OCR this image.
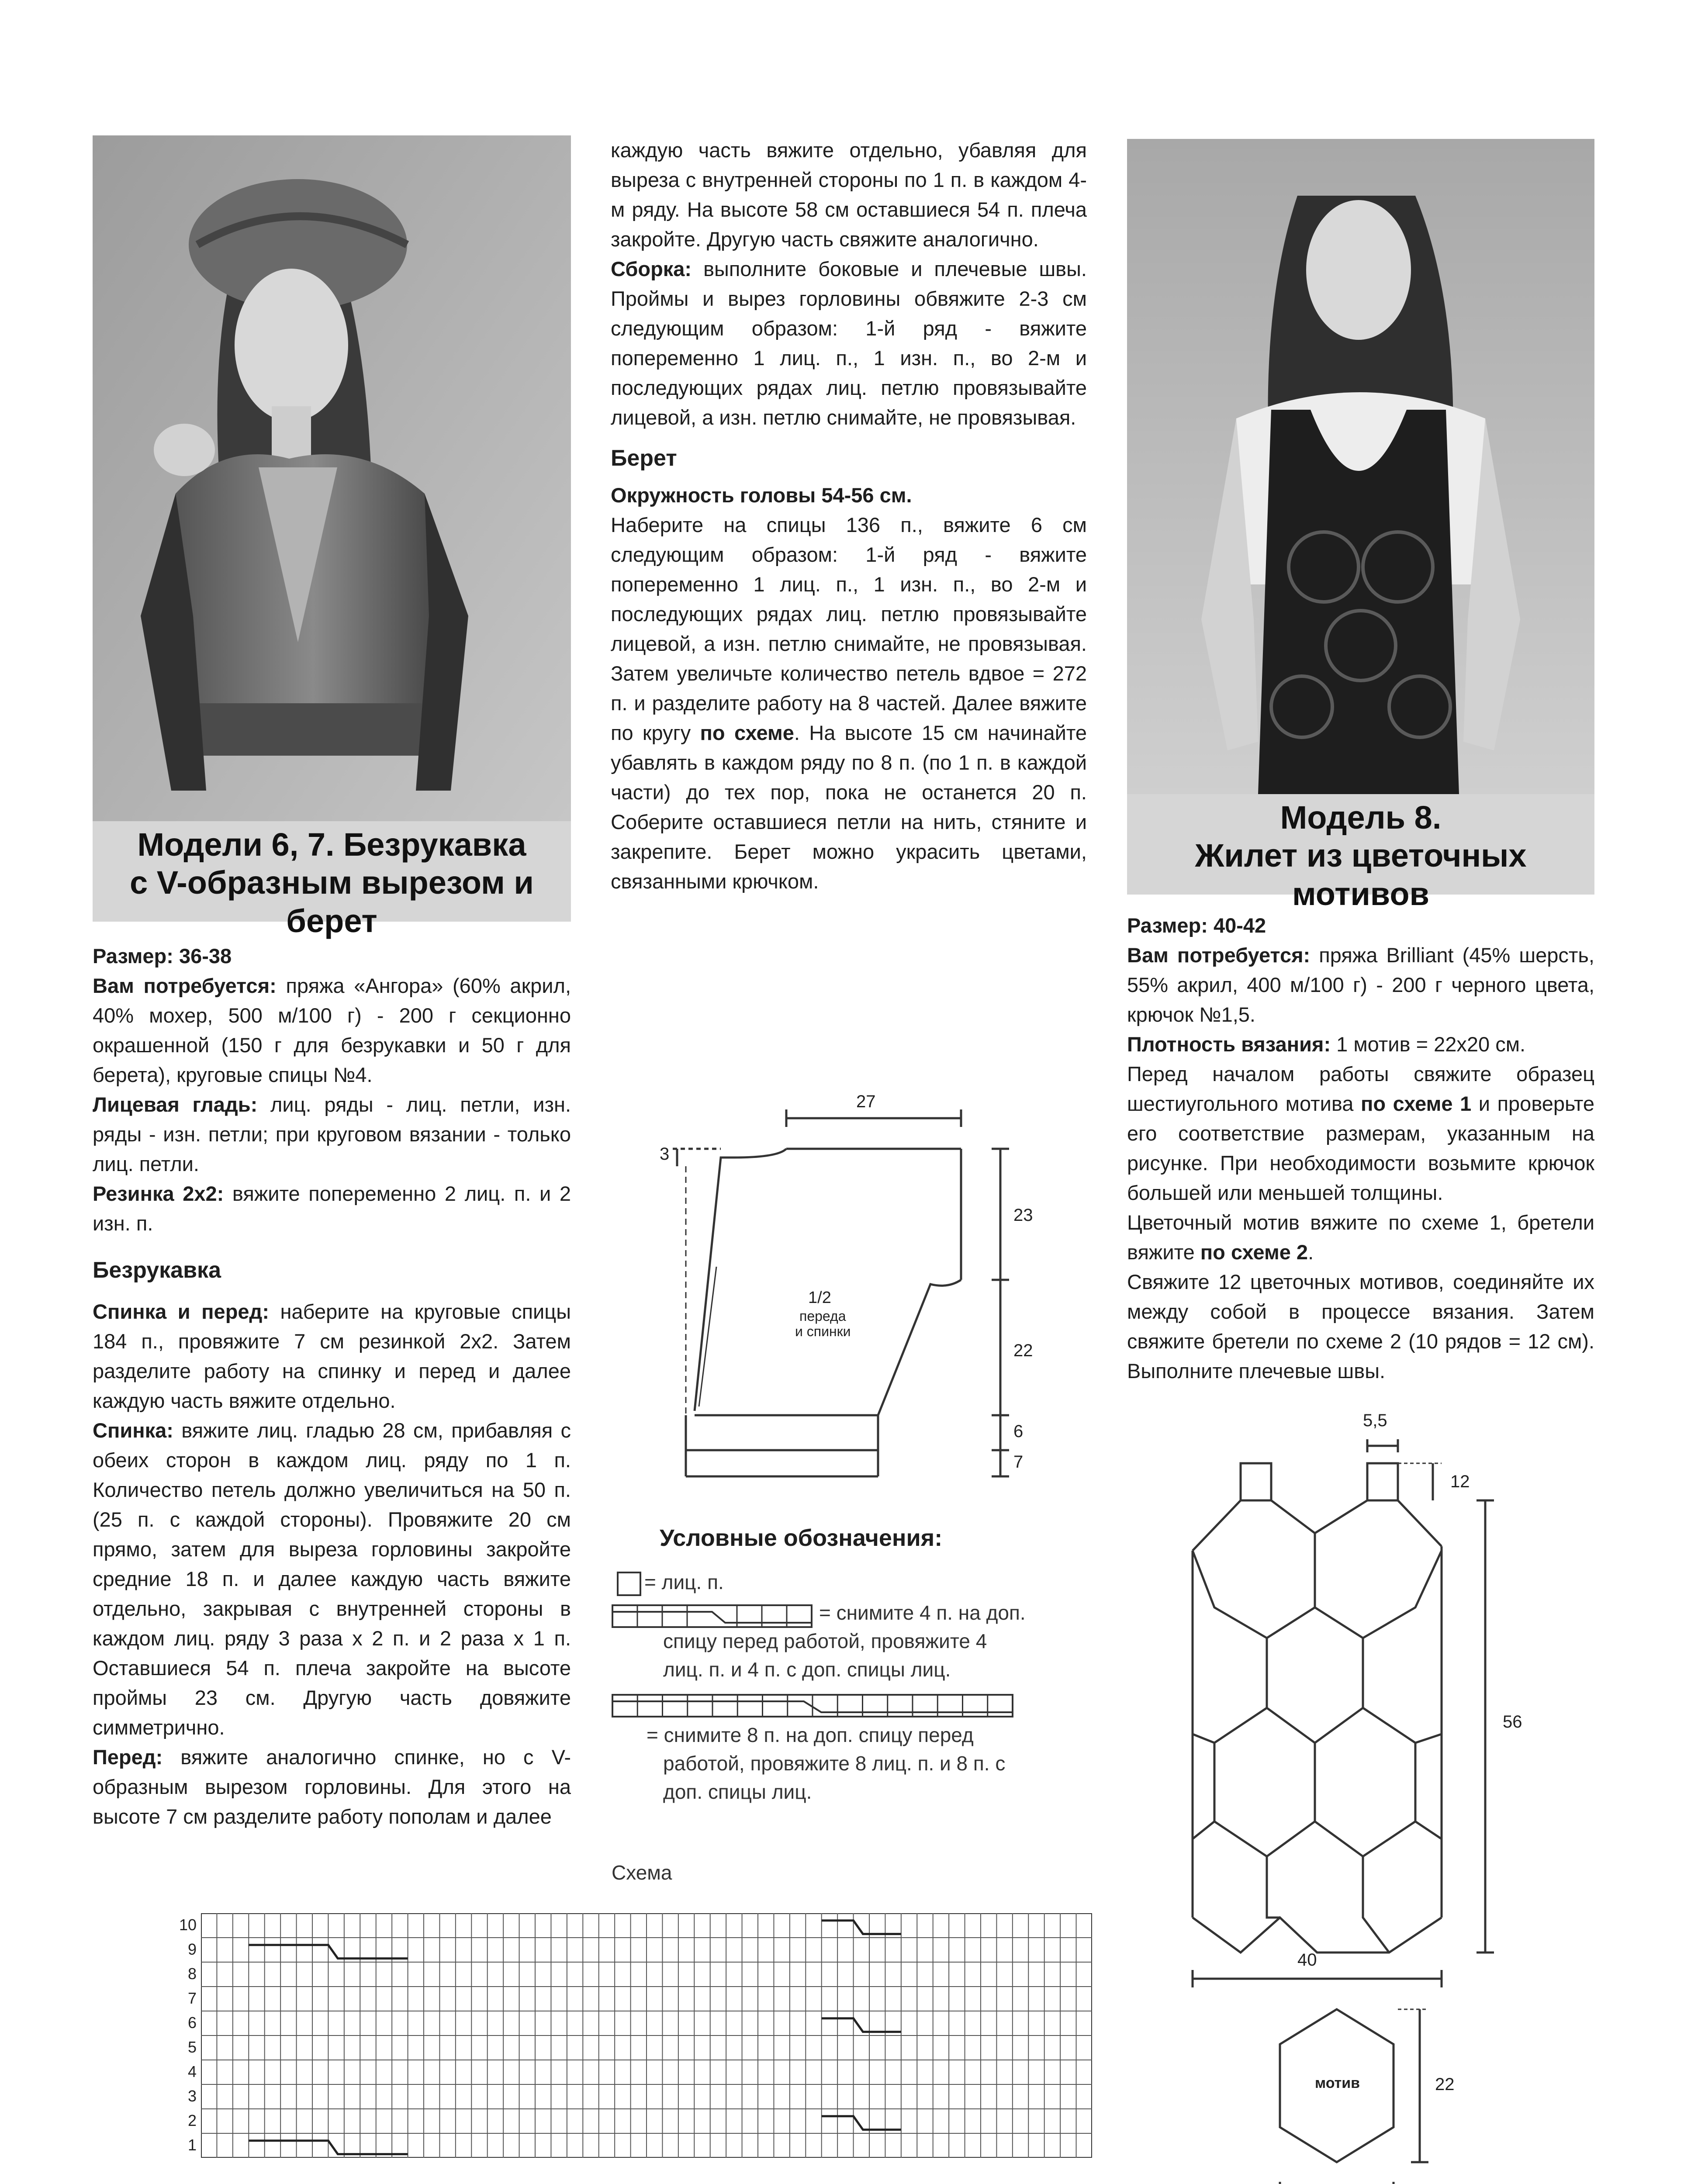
Модели 6, 7. Безрукавка
с V-образным вырезом и берет
Модель 8.
Жилет из цветочных мотивов

Размер: 36-38

Вам потребуется: пряжа «Ангора» (60% акрил, 40% мохер, 500 м/100 г) - 200 г секционно окрашенной (150 г для безрукавки и 50 г для берета), круговые спицы №4.

Лицевая гладь: лиц. ряды - лиц. петли, изн. ряды - изн. петли; при круговом вязании - только лиц. петли.

Резинка 2х2: вяжите попеременно 2 лиц. п. и 2 изн. п.

Безрукавка

Спинка и перед: наберите на круговые спицы 184 п., провяжите 7 см резинкой 2х2. Затем разделите работу на спинку и перед и далее каждую часть вяжите отдельно.

Спинка: вяжите лиц. гладью 28 см, прибавляя с обеих сторон в каждом лиц. ряду по 1 п. Количество петель должно увеличиться на 50 п. (25 п. с каждой стороны). Провяжите 20 см прямо, затем для выреза горловины закройте средние 18 п. и далее каждую часть вяжите отдельно, закрывая с внутренней стороны в каждом лиц. ряду 3 раза х 2 п. и 2 раза х 1 п. Оставшиеся 54 п. плеча закройте на высоте проймы 23 см. Другую часть довяжите симметрично.

Перед: вяжите аналогично спинке, но с V-образным вырезом горловины. Для этого на высоте 7 см разделите работу пополам и далее

каждую часть вяжите отдельно, убавляя для выреза с внутренней стороны по 1 п. в каждом 4-м ряду. На высоте 58 см оставшиеся 54 п. плеча закройте. Другую часть свяжите аналогично.

Сборка: выполните боковые и плечевые швы. Проймы и вырез горловины обвяжите 2-3 см следующим образом: 1-й ряд - вяжите попеременно 1 лиц. п., 1 изн. п., во 2-м и последующих рядах лиц. петлю провязывайте лицевой, а изн. петлю снимайте, не провязывая.

Берет

Окружность головы 54-56 см.

Наберите на спицы 136 п., вяжите 6 см следующим образом: 1-й ряд - вяжите попеременно 1 лиц. п., 1 изн. п., во 2-м и последующих рядах лиц. петлю провязывайте лицевой, а изн. петлю снимайте, не провязывая. Затем увеличьте количество петель вдвое = 272 п. и разделите работу на 8 частей. Далее вяжите по кругу по схеме. На высоте 15 см начинайте убавлять в каждом ряду по 8 п. (по 1 п. в каждой части) до тех пор, пока не останется 20 п. Соберите оставшиеся петли на нить, стяните и закрепите. Берет можно украсить цветами, связанными крючком.

Размер: 40-42

Вам потребуется: пряжа Brilliant (45% шерсть, 55% акрил, 400 м/100 г) - 200 г черного цвета, крючок №1,5.

Плотность вязания: 1 мотив = 22х20 см.

Перед началом работы свяжите образец шестиугольного мотива по схеме 1 и проверьте его соответствие размерам, указанным на рисунке. При необходимости возьмите крючок большей или меньшей толщины.

Цветочный мотив вяжите по схеме 1, бретели вяжите по схеме 2.

Свяжите 12 цветочных мотивов, соединяйте их между собой в процессе вязания. Затем свяжите бретели по схеме 2 (10 рядов = 12 см). Выполните плечевые швы.

27
3
23
22
6
7
1/2
переда
и спинки
Условные обозначения:
= лиц. п.
= снимите 4 п. на доп.
спицу перед работой, провяжите 4
лиц. п. и 4 п. с доп. спицы лиц.
= снимите 8 п. на доп. спицу перед
работой, провяжите 8 лиц. п. и 8 п. с
доп. спицы лиц.
Схема
10
9
8
7
6
5
4
3
2
1
5,5
12
56
40
мотив	22
